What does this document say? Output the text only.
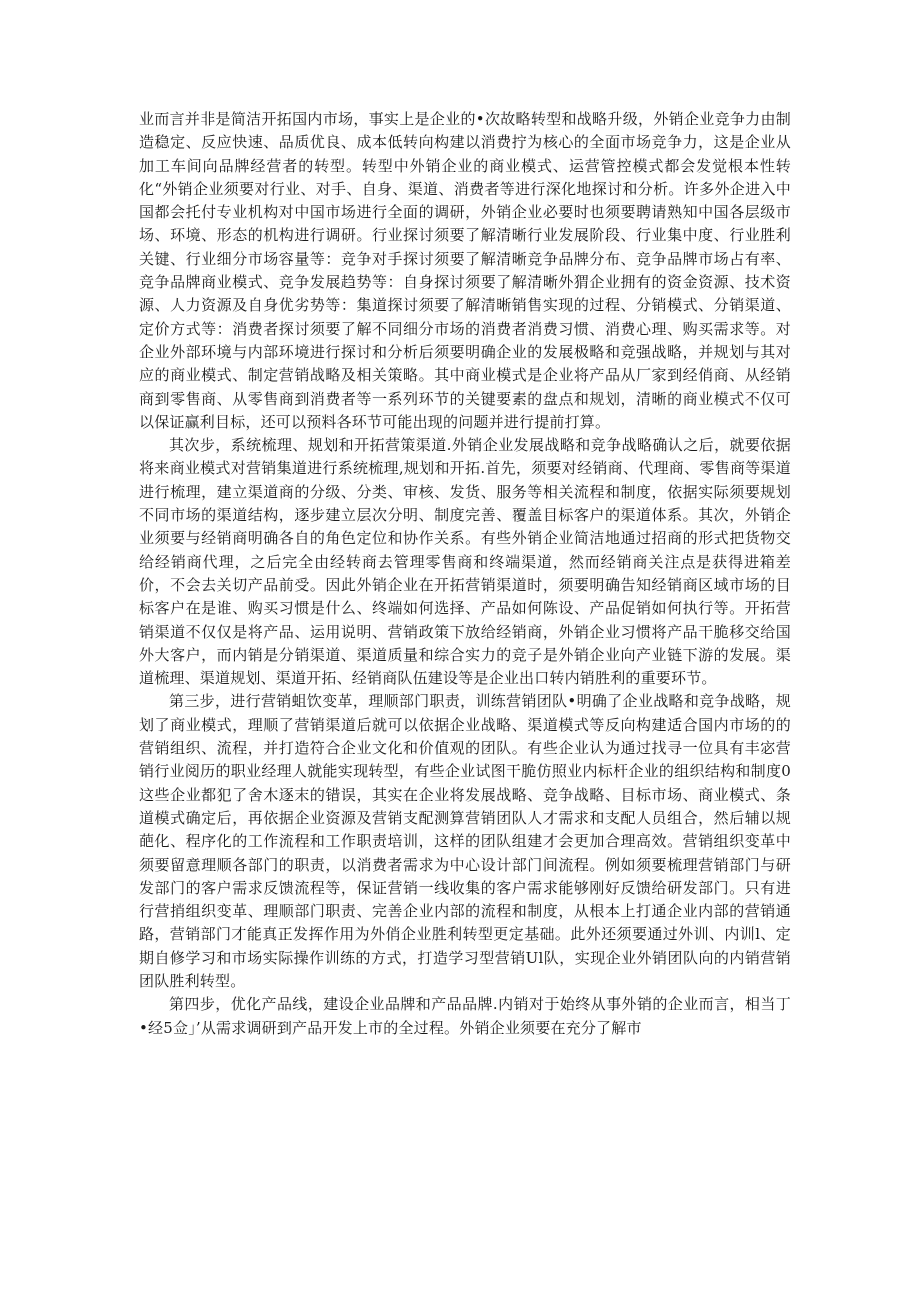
业而言并非是简洁开拓国内市场，事实上是企业的•次故略转型和战略升级，外销企业竞争力由制造稳定、反应快速、品质优良、成本低转向构建以消费拧为核心的全面市场竞争力，这是企业从加工车间向品牌经营者的转型。转型中外销企业的商业模式、运营管控模式都会发觉根本性转化“外销企业须要对行业、对手、自身、渠道、消费者等进行深化地探讨和分析。许多外企进入中国都会托付专业机构对中国市场进行全面的调研，外销企业必要时也须要聘请熟知中国各层级市场、环境、形态的机构进行调研。行业探讨须要了解清晰行业发展阶段、行业集中度、行业胜利关键、行业细分市场容量等：竞争对手探讨须要了解清晰竞争品牌分布、竞争品牌市场占有率、竞争品牌商业模式、竞争发展趋势等：自身探讨须要了解清晰外猬企业拥有的资金资源、技术资源、人力资源及自身优劣势等：集道探讨须要了解清晰销售实现的过程、分销模式、分销渠道、定价方式等：消费者探讨须要了解不同细分市场的消费者消费习惯、消费心理、购买需求等。对企业外部环境与内部环境进行探讨和分析后须要明确企业的发展极略和竞强战略，并规划与其对应的商业模式、制定营销战略及相关策略。其中商业模式是企业将产品从厂家到经俏商、从经销商到零售商、从零售商到消费者等一系列环节的关键要素的盘点和规划，清晰的商业模式不仅可以保证赢利目标，还可以预料各环节可能出现的问题并进行提前打算。

其次步，系统梳理、规划和开拓营策渠道.外销企业发展战略和竞争战略确认之后，就要依据将来商业模式对营销集道进行系统梳理,规划和开拓.首先，须要对经销商、代理商、零售商等渠道进行梳理，建立渠道商的分级、分类、审核、发货、服务等相关流程和制度，依据实际须要规划不同市场的渠道结构，逐步建立层次分明、制度完善、覆盖目标客户的渠道体系。其次，外销企业须要与经销商明确各自的角色定位和协作关系。有些外销企业简洁地通过招商的形式把货物交给经销商代理，之后完全由经转商去管理零售商和终端渠道，然而经销商关注点是获得进箱差价，不会去关切产品前受。因此外销企业在开拓营销渠道时，须要明确告知经销商区域市场的目标客户在是谁、购买习惯是什么、终端如何选择、产品如何陈设、产品促销如何执行等。开拓营销渠道不仅仅是将产品、运用说明、营销政策下放给经销商，外销企业习惯将产品干脆移交给国外大客户，而内销是分销渠道、渠道质量和综合实力的竞子是外销企业向产业链下游的发展。渠道梳理、渠道规划、渠道开拓、经销商队伍建设等是企业出口转内销胜利的重要环节。

第三步，进行营销蛆饮变革，理顺部门职责，训练营销团队•明确了企业战略和竞争战略，规划了商业模式，理顺了营销渠道后就可以依据企业战略、渠道模式等反向构建适合国内市场的的营销组织、流程，并打造符合企业文化和价值观的团队。有些企业认为通过找寻一位具有丰宓营销行业阅历的职业经理人就能实现转型，有些企业试图干脆仿照业内标杆企业的组织结构和制度0这些企业都犯了舍木逐末的错误，其实在企业将发展战略、竞争战略、目标市场、商业模式、条道模式确定后，再依据企业资源及营销支配测算营销团队人才需求和支配人员组合，然后辅以规葩化、程序化的工作流程和工作职责培训，这样的团队组建才会更加合理高效。营销组织变革中须要留意理顺各部门的职责，以消费者需求为中心设计部门间流程。例如须要梳理营销部门与研发部门的客户需求反馈流程等，保证营销一线收集的客户需求能够刚好反馈给研发部门。只有进行营捎组织变革、理顺部门职责、完善企业内部的流程和制度，从根本上打通企业内部的营销通路，营销部门才能真正发挥作用为外俏企业胜利转型更定基础。此外还须要通过外训、内训l、定期自修学习和市场实际操作训练的方式，打造学习型营销Ul队，实现企业外销团队向的内销营销团队胜利转型。

第四步，优化产品线，建设企业品牌和产品品牌.内销对于始终从事外销的企业而言，相当丁•经5佥」’从需求调研到产品开发上市的全过程。外销企业须要在充分了解市
